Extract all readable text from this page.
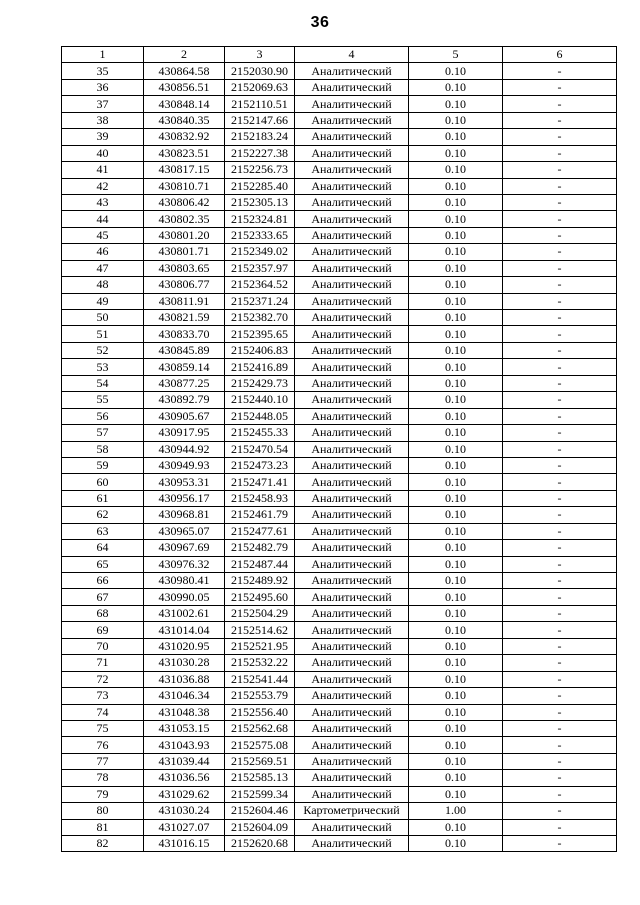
36
1	2	3	4	5	6
35	430864.58	2152030.90	Аналитический	0.10	-
36	430856.51	2152069.63	Аналитический	0.10	-
37	430848.14	2152110.51	Аналитический	0.10	-
38	430840.35	2152147.66	Аналитический	0.10	-
39	430832.92	2152183.24	Аналитический	0.10	-
40	430823.51	2152227.38	Аналитический	0.10	-
41	430817.15	2152256.73	Аналитический	0.10	-
42	430810.71	2152285.40	Аналитический	0.10	-
43	430806.42	2152305.13	Аналитический	0.10	-
44	430802.35	2152324.81	Аналитический	0.10	-
45	430801.20	2152333.65	Аналитический	0.10	-
46	430801.71	2152349.02	Аналитический	0.10	-
47	430803.65	2152357.97	Аналитический	0.10	-
48	430806.77	2152364.52	Аналитический	0.10	-
49	430811.91	2152371.24	Аналитический	0.10	-
50	430821.59	2152382.70	Аналитический	0.10	-
51	430833.70	2152395.65	Аналитический	0.10	-
52	430845.89	2152406.83	Аналитический	0.10	-
53	430859.14	2152416.89	Аналитический	0.10	-
54	430877.25	2152429.73	Аналитический	0.10	-
55	430892.79	2152440.10	Аналитический	0.10	-
56	430905.67	2152448.05	Аналитический	0.10	-
57	430917.95	2152455.33	Аналитический	0.10	-
58	430944.92	2152470.54	Аналитический	0.10	-
59	430949.93	2152473.23	Аналитический	0.10	-
60	430953.31	2152471.41	Аналитический	0.10	-
61	430956.17	2152458.93	Аналитический	0.10	-
62	430968.81	2152461.79	Аналитический	0.10	-
63	430965.07	2152477.61	Аналитический	0.10	-
64	430967.69	2152482.79	Аналитический	0.10	-
65	430976.32	2152487.44	Аналитический	0.10	-
66	430980.41	2152489.92	Аналитический	0.10	-
67	430990.05	2152495.60	Аналитический	0.10	-
68	431002.61	2152504.29	Аналитический	0.10	-
69	431014.04	2152514.62	Аналитический	0.10	-
70	431020.95	2152521.95	Аналитический	0.10	-
71	431030.28	2152532.22	Аналитический	0.10	-
72	431036.88	2152541.44	Аналитический	0.10	-
73	431046.34	2152553.79	Аналитический	0.10	-
74	431048.38	2152556.40	Аналитический	0.10	-
75	431053.15	2152562.68	Аналитический	0.10	-
76	431043.93	2152575.08	Аналитический	0.10	-
77	431039.44	2152569.51	Аналитический	0.10	-
78	431036.56	2152585.13	Аналитический	0.10	-
79	431029.62	2152599.34	Аналитический	0.10	-
80	431030.24	2152604.46	Картометрический	1.00	-
81	431027.07	2152604.09	Аналитический	0.10	-
82	431016.15	2152620.68	Аналитический	0.10	-
